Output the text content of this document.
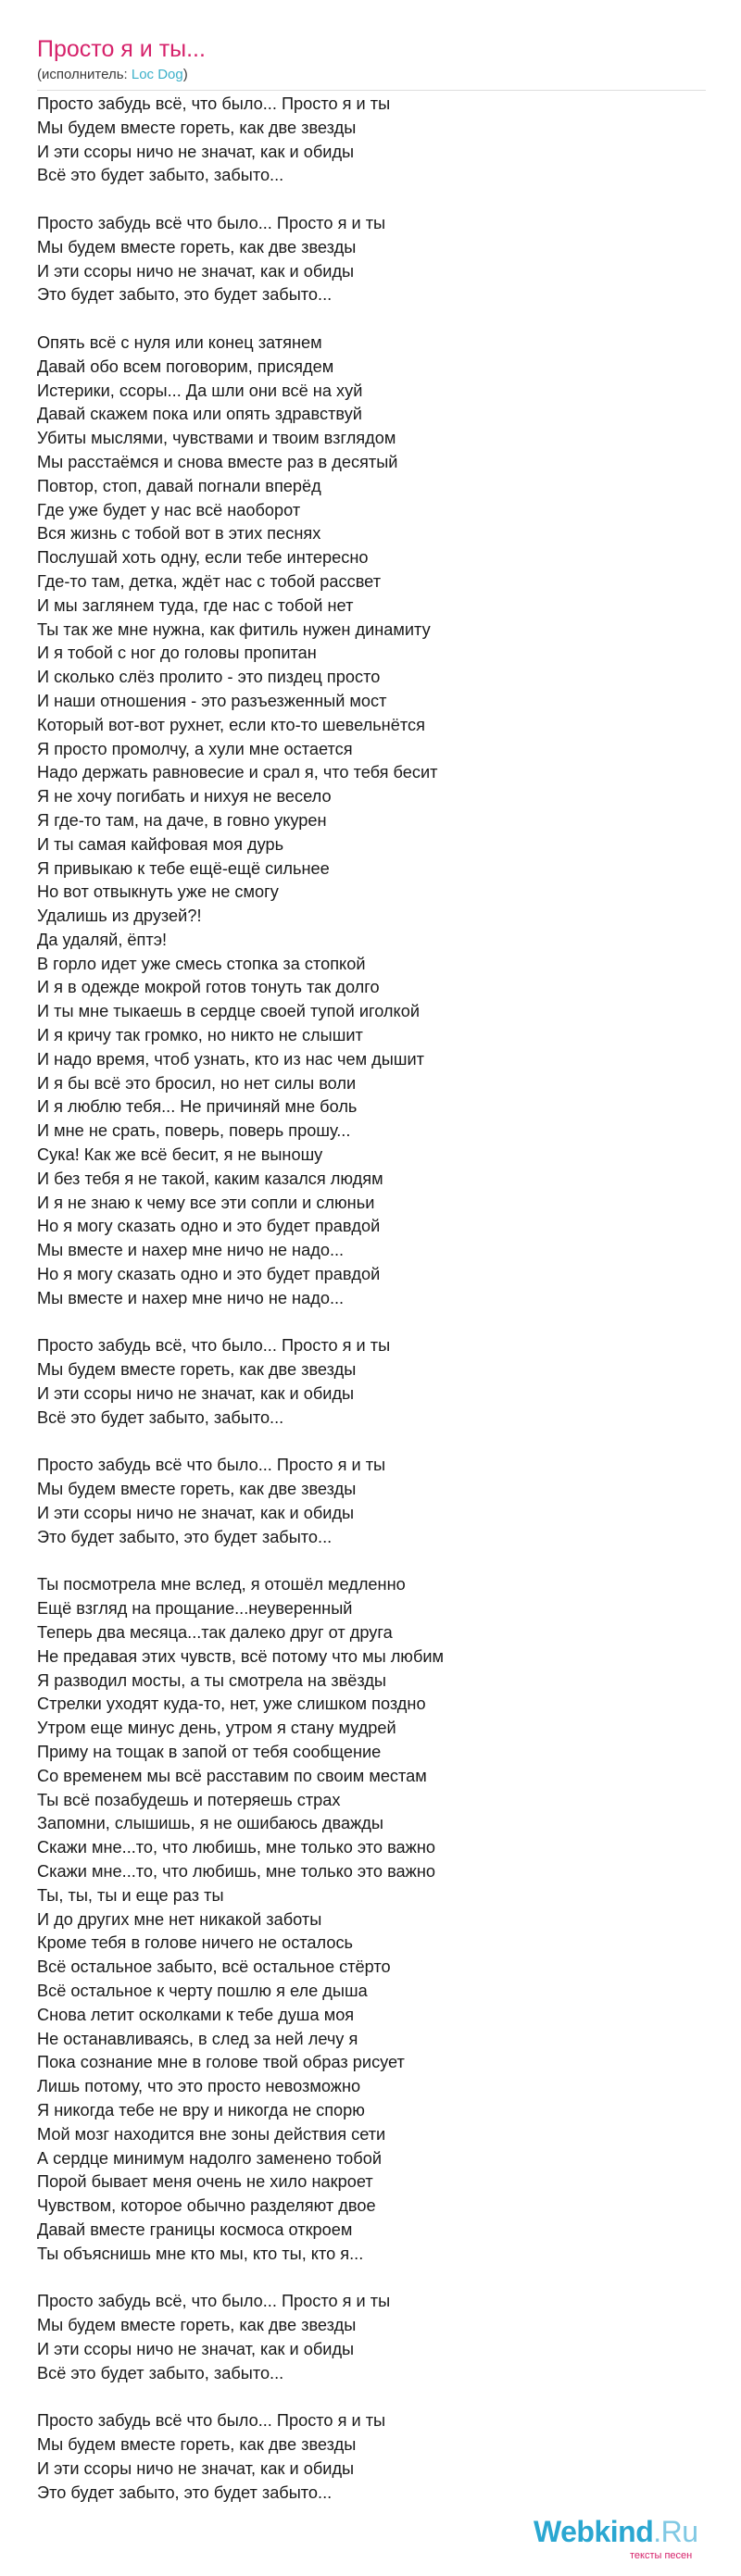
Просто я и ты...
(исполнитель: Loc Dog)
Просто забудь всё, что было... Просто я и ты
Мы будем вместе гореть, как две звезды
И эти ссоры ничо не значат, как и обиды
Всё это будет забыто, забыто...
Просто забудь всё что было... Просто я и ты
Мы будем вместе гореть, как две звезды
И эти ссоры ничо не значат, как и обиды
Это будет забыто, это будет забыто...
Опять всё с нуля или конец затянем
Давай обо всем поговорим, присядем
Истерики, ссоры... Да шли они всё на хуй
Давай скажем пока или опять здравствуй
Убиты мыслями, чувствами и твоим взглядом
Мы расстаёмся и снова вместе раз в десятый
Повтор, стоп, давай погнали вперёд
Где уже будет у нас всё наоборот
Вся жизнь с тобой вот в этих песнях
Послушай хоть одну, если тебе интересно
Где-то там, детка, ждёт нас с тобой рассвет
И мы заглянем туда, где нас с тобой нет
Ты так же мне нужна, как фитиль нужен динамиту
И я тобой с ног до головы пропитан
И сколько слёз пролито - это пиздец просто
И наши отношения - это разъезженный мост
Который вот-вот рухнет, если кто-то шевельнётся
Я просто промолчу, а хули мне остается
Надо держать равновесие и срал я, что тебя бесит
Я не хочу погибать и нихуя не весело
Я где-то там, на даче, в говно укурен
И ты самая кайфовая моя дурь
Я привыкаю к тебе ещё-ещё сильнее
Но вот отвыкнуть уже не смогу
Удалишь из друзей?!
Да удаляй, ёптэ!
В горло идет уже смесь стопка за стопкой
И я в одежде мокрой готов тонуть так долго
И ты мне тыкаешь в сердце своей тупой иголкой
И я кричу так громко, но никто не слышит
И надо время, чтоб узнать, кто из нас чем дышит
И я бы всё это бросил, но нет силы воли
И я люблю тебя... Не причиняй мне боль
И мне не срать, поверь, поверь прошу...
Сука! Как же всё бесит, я не выношу
И без тебя я не такой, каким казался людям
И я не знаю к чему все эти сопли и слюньи
Но я могу сказать одно и это будет правдой
Мы вместе и нахер мне ничо не надо...
Но я могу сказать одно и это будет правдой
Мы вместе и нахер мне ничо не надо...
Просто забудь всё, что было... Просто я и ты
Мы будем вместе гореть, как две звезды
И эти ссоры ничо не значат, как и обиды
Всё это будет забыто, забыто...
Просто забудь всё что было... Просто я и ты
Мы будем вместе гореть, как две звезды
И эти ссоры ничо не значат, как и обиды
Это будет забыто, это будет забыто...
Ты посмотрела мне вслед, я отошёл медленно
Ещё взгляд на прощание...неуверенный
Теперь два месяца...так далеко друг от друга
Не предавая этих чувств, всё потому что мы любим
Я разводил мосты, а ты смотрела на звёзды
Стрелки уходят куда-то, нет, уже слишком поздно
Утром еще минус день, утром я стану мудрей
Приму на тощак в запой от тебя сообщение
Со временем мы всё расставим по своим местам
Ты всё позабудешь и потеряешь страх
Запомни, слышишь, я не ошибаюсь дважды
Скажи мне...то, что любишь, мне только это важно
Скажи мне...то, что любишь, мне только это важно
Ты, ты, ты и еще раз ты
И до других мне нет никакой заботы
Кроме тебя в голове ничего не осталось
Всё остальное забыто, всё остальное стёрто
Всё остальное к черту пошлю я еле дыша
Снова летит осколками к тебе душа моя
Не останавливаясь, в след за ней лечу я
Пока сознание мне в голове твой образ рисует
Лишь потому, что это просто невозможно
Я никогда тебе не вру и никогда не спорю
Мой мозг находится вне зоны действия сети
А сердце минимум надолго заменено тобой
Порой бывает меня очень не хило накроет
Чувством, которое обычно разделяют двое
Давай вместе границы космоса откроем
Ты объяснишь мне кто мы, кто ты, кто я...
Просто забудь всё, что было... Просто я и ты
Мы будем вместе гореть, как две звезды
И эти ссоры ничо не значат, как и обиды
Всё это будет забыто, забыто...
Просто забудь всё что было... Просто я и ты
Мы будем вместе гореть, как две звезды
И эти ссоры ничо не значат, как и обиды
Это будет забыто, это будет забыто...
Webkind.Ru
тексты песен
